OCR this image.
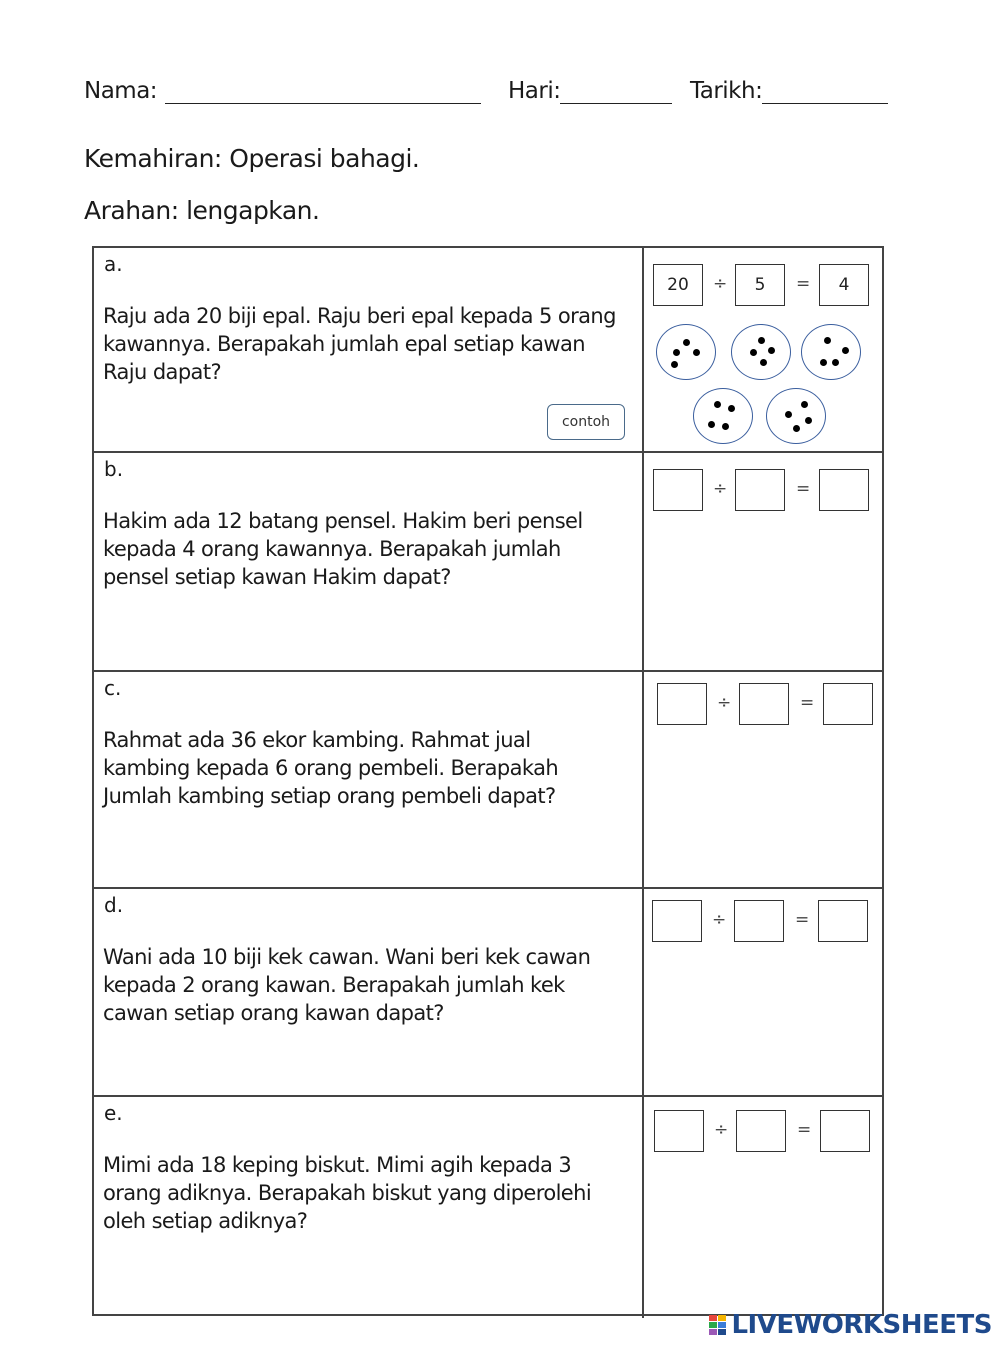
Nama:	Hari:	Tarikh:
Kemahiran: Operasi bahagi.
Arahan: lengapkan.
a.
Raju ada 20 biji epal. Raju beri epal kepada 5 orang kawannya. Berapakah jumlah epal setiap kawan Raju dapat?
contoh
20	÷	5	=	4
b.
Hakim ada 12 batang pensel. Hakim beri pensel kepada 4 orang kawannya. Berapakah jumlah pensel setiap kawan Hakim dapat?
÷	=
c.
Rahmat ada 36 ekor kambing. Rahmat jual kambing kepada 6 orang pembeli. Berapakah Jumlah kambing setiap orang pembeli dapat?
÷	=
d.
Wani ada 10 biji kek cawan. Wani beri kek cawan kepada 2 orang kawan. Berapakah jumlah kek cawan setiap orang kawan dapat?
÷	=
e.
Mimi ada 18 keping biskut. Mimi agih kepada 3 orang adiknya. Berapakah biskut yang diperolehi oleh setiap adiknya?
÷	=
LIVEWORKSHEETS
